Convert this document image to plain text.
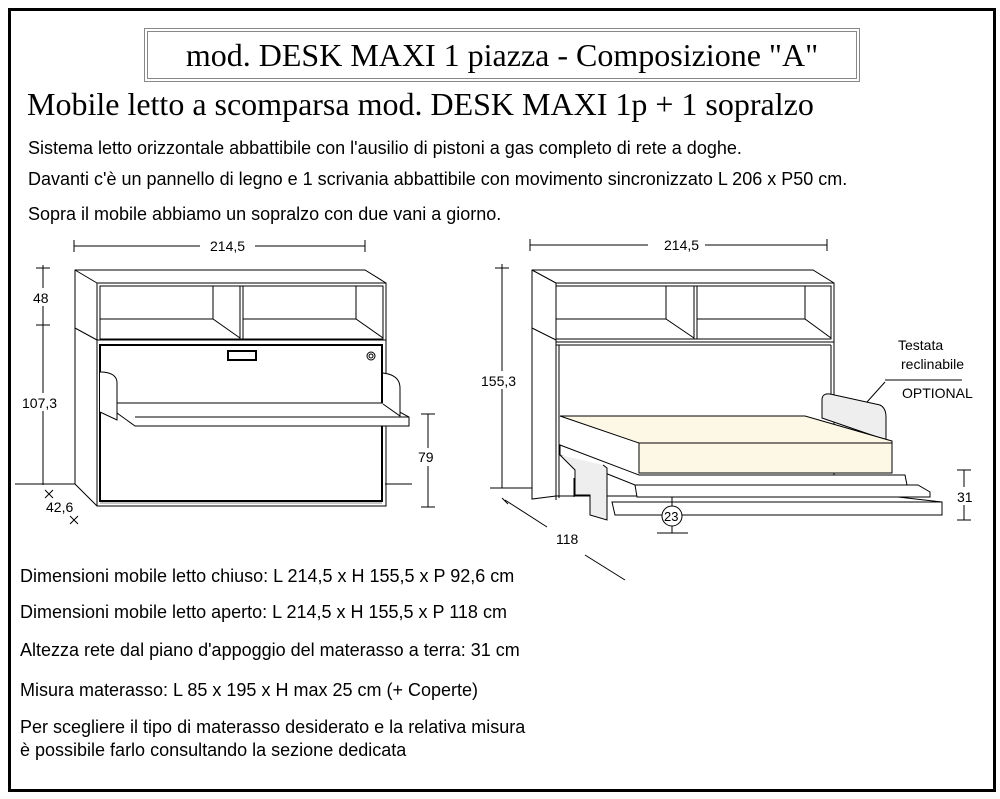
mod. DESK MAXI 1 piazza - Composizione "A"
Mobile letto a scomparsa mod. DESK MAXI 1p + 1 sopralzo
Sistema letto orizzontale abbattibile con l'ausilio di pistoni a gas completo di rete a doghe.
Davanti c'è un pannello di legno e 1 scrivania abbattibile con movimento sincronizzato L 206 x P50 cm.
Sopra il mobile abbiamo un sopralzo con due vani a giorno.
214,5
48
107,3
42,6
79
214,5
155,3
118
Testata
reclinabile
OPTIONAL
23
31
Dimensioni mobile letto chiuso: L 214,5 x H 155,5 x P 92,6 cm
Dimensioni mobile letto aperto: L 214,5 x H 155,5 x P 118 cm
Altezza rete dal piano d'appoggio del materasso a terra: 31 cm
Misura materasso: L 85 x 195 x H max 25 cm (+ Coperte)
Per scegliere il tipo di materasso desiderato e la relativa misura
è possibile farlo consultando la sezione dedicata
